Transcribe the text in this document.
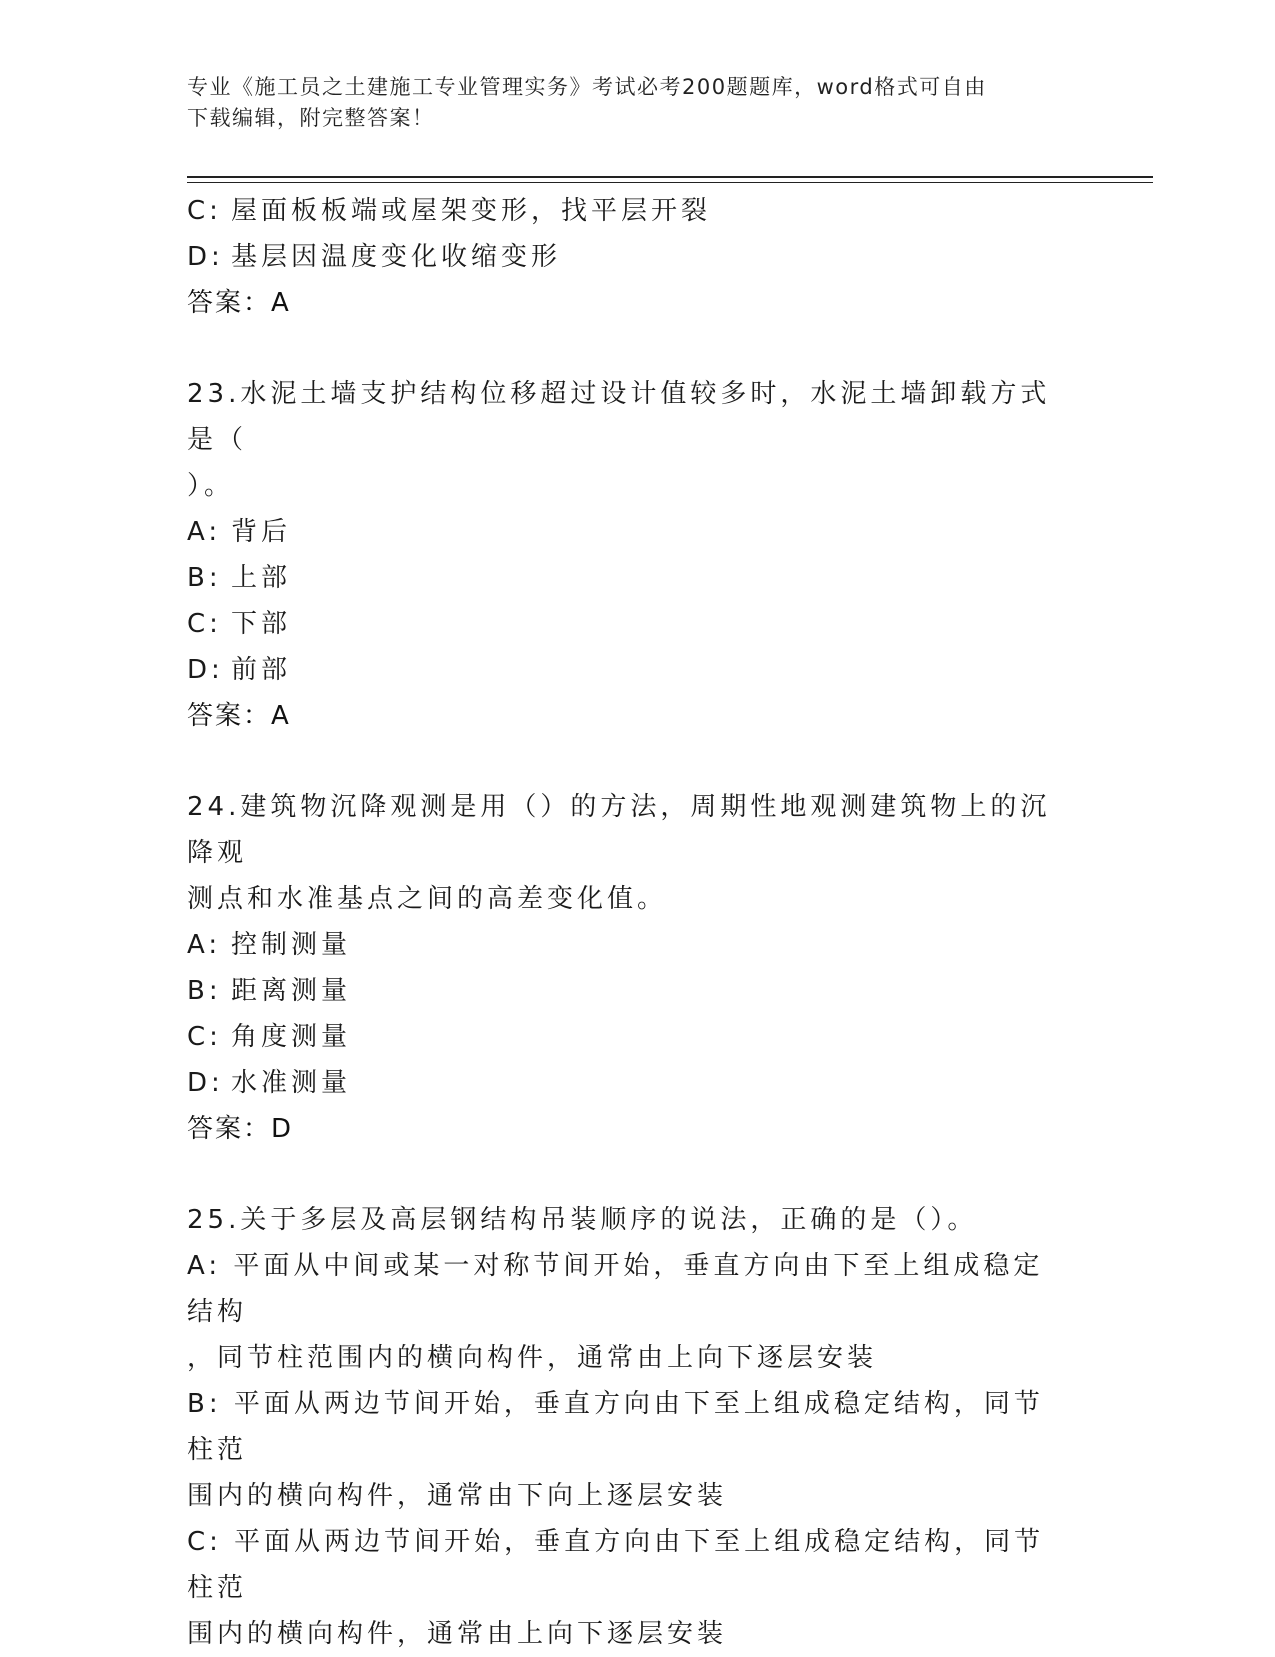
专业《施工员之土建施工专业管理实务》考试必考200题题库，word格式可自由
下载编辑，附完整答案！
C: 屋面板板端或屋架变形，找平层开裂
D: 基层因温度变化收缩变形
答案：A
23.水泥土墙支护结构位移超过设计值较多时，水泥土墙卸载方式是（
）。
A: 背后
B: 上部
C: 下部
D: 前部
答案：A
24.建筑物沉降观测是用（）的方法，周期性地观测建筑物上的沉降观
测点和水准基点之间的高差变化值。
A: 控制测量
B: 距离测量
C: 角度测量
D: 水准测量
答案：D
25.关于多层及高层钢结构吊装顺序的说法，正确的是（）。
A: 平面从中间或某一对称节间开始，垂直方向由下至上组成稳定结构
，同节柱范围内的横向构件，通常由上向下逐层安装
B: 平面从两边节间开始，垂直方向由下至上组成稳定结构，同节柱范
围内的横向构件，通常由下向上逐层安装
C: 平面从两边节间开始，垂直方向由下至上组成稳定结构，同节柱范
围内的横向构件，通常由上向下逐层安装
